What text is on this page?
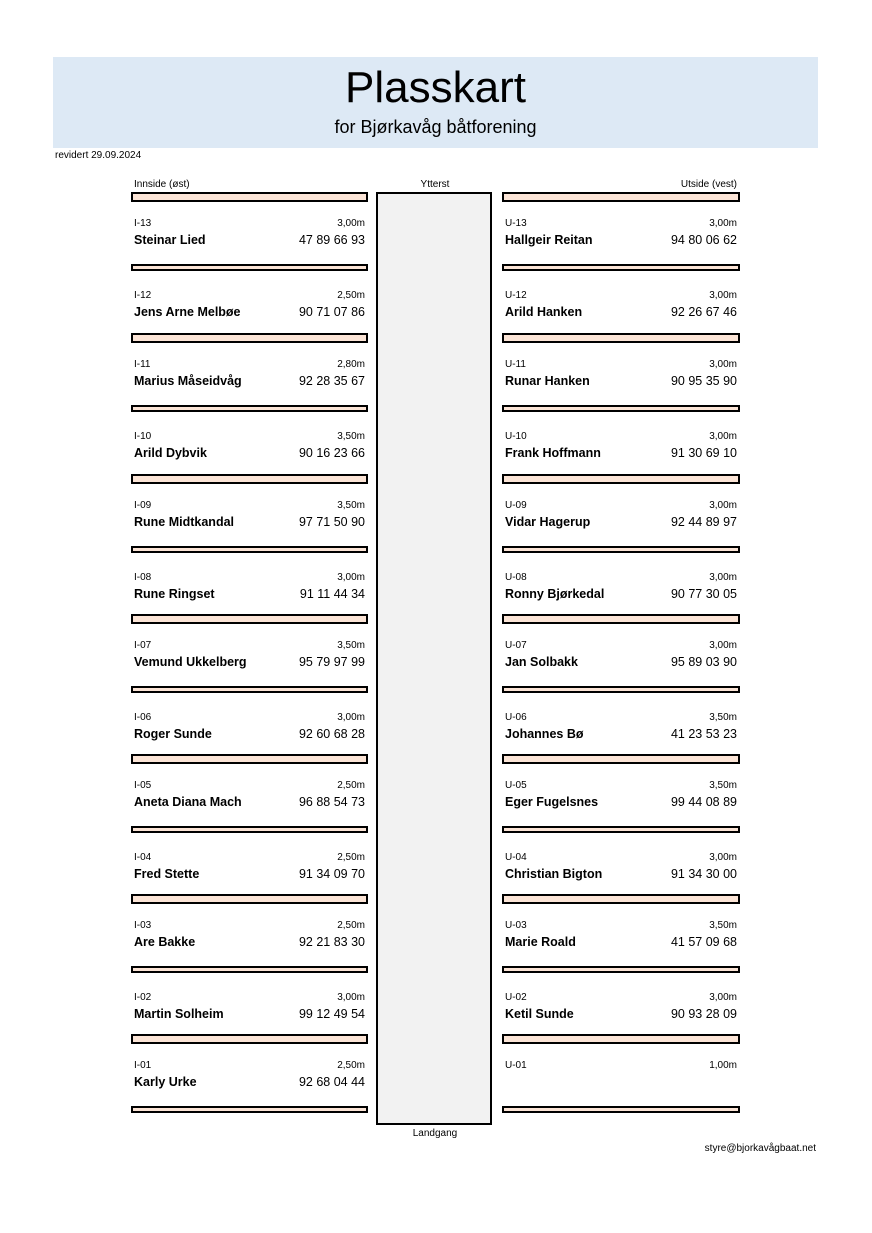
Plasskart
for Bjørkavåg båtforening
revidert 29.09.2024
Innside (øst)	Ytterst	Utside (vest)
Landgang
styre@bjorkavågbaat.net
I-13	3,00m
Steinar Lied	47 89 66 93
I-12	2,50m
Jens Arne Melbøe	90 71 07 86
I-11	2,80m
Marius Måseidvåg	92 28 35 67
I-10	3,50m
Arild Dybvik	90 16 23 66
I-09	3,50m
Rune Midtkandal	97 71 50 90
I-08	3,00m
Rune Ringset	91 11 44 34
I-07	3,50m
Vemund Ukkelberg	95 79 97 99
I-06	3,00m
Roger Sunde	92 60 68 28
I-05	2,50m
Aneta Diana Mach	96 88 54 73
I-04	2,50m
Fred Stette	91 34 09 70
I-03	2,50m
Are Bakke	92 21 83 30
I-02	3,00m
Martin Solheim	99 12 49 54
I-01	2,50m
Karly Urke	92 68 04 44
U-13	3,00m
Hallgeir Reitan	94 80 06 62
U-12	3,00m
Arild Hanken	92 26 67 46
U-11	3,00m
Runar Hanken	90 95 35 90
U-10	3,00m
Frank Hoffmann	91 30 69 10
U-09	3,00m
Vidar Hagerup	92 44 89 97
U-08	3,00m
Ronny Bjørkedal	90 77 30 05
U-07	3,00m
Jan Solbakk	95 89 03 90
U-06	3,50m
Johannes Bø	41 23 53 23
U-05	3,50m
Eger Fugelsnes	99 44 08 89
U-04	3,00m
Christian Bigton	91 34 30 00
U-03	3,50m
Marie Roald	41 57 09 68
U-02	3,00m
Ketil Sunde	90 93 28 09
U-01	1,00m
